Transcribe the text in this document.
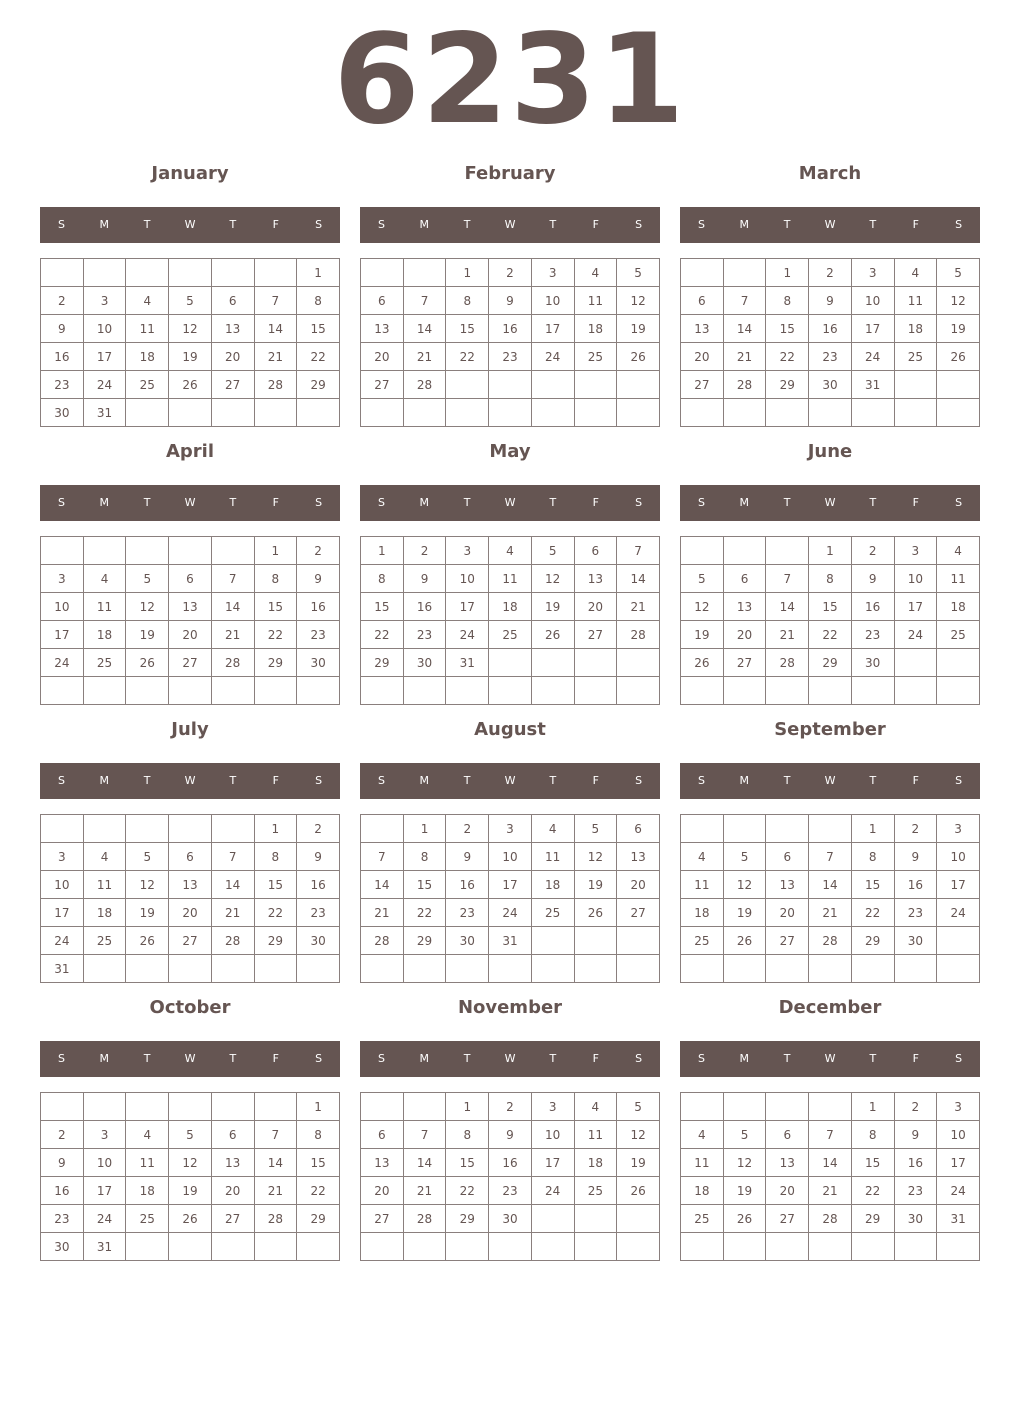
6231
January
S	M	T	W	T	F	S
						1
2	3	4	5	6	7	8
9	10	11	12	13	14	15
16	17	18	19	20	21	22
23	24	25	26	27	28	29
30	31					
February
S	M	T	W	T	F	S
		1	2	3	4	5
6	7	8	9	10	11	12
13	14	15	16	17	18	19
20	21	22	23	24	25	26
27	28					

March
S	M	T	W	T	F	S
		1	2	3	4	5
6	7	8	9	10	11	12
13	14	15	16	17	18	19
20	21	22	23	24	25	26
27	28	29	30	31		

April
S	M	T	W	T	F	S
					1	2
3	4	5	6	7	8	9
10	11	12	13	14	15	16
17	18	19	20	21	22	23
24	25	26	27	28	29	30

May
S	M	T	W	T	F	S
1	2	3	4	5	6	7
8	9	10	11	12	13	14
15	16	17	18	19	20	21
22	23	24	25	26	27	28
29	30	31				

June
S	M	T	W	T	F	S
			1	2	3	4
5	6	7	8	9	10	11
12	13	14	15	16	17	18
19	20	21	22	23	24	25
26	27	28	29	30		

July
S	M	T	W	T	F	S
					1	2
3	4	5	6	7	8	9
10	11	12	13	14	15	16
17	18	19	20	21	22	23
24	25	26	27	28	29	30
31						
August
S	M	T	W	T	F	S
	1	2	3	4	5	6
7	8	9	10	11	12	13
14	15	16	17	18	19	20
21	22	23	24	25	26	27
28	29	30	31			

September
S	M	T	W	T	F	S
				1	2	3
4	5	6	7	8	9	10
11	12	13	14	15	16	17
18	19	20	21	22	23	24
25	26	27	28	29	30	

October
S	M	T	W	T	F	S
						1
2	3	4	5	6	7	8
9	10	11	12	13	14	15
16	17	18	19	20	21	22
23	24	25	26	27	28	29
30	31					
November
S	M	T	W	T	F	S
		1	2	3	4	5
6	7	8	9	10	11	12
13	14	15	16	17	18	19
20	21	22	23	24	25	26
27	28	29	30			

December
S	M	T	W	T	F	S
				1	2	3
4	5	6	7	8	9	10
11	12	13	14	15	16	17
18	19	20	21	22	23	24
25	26	27	28	29	30	31
